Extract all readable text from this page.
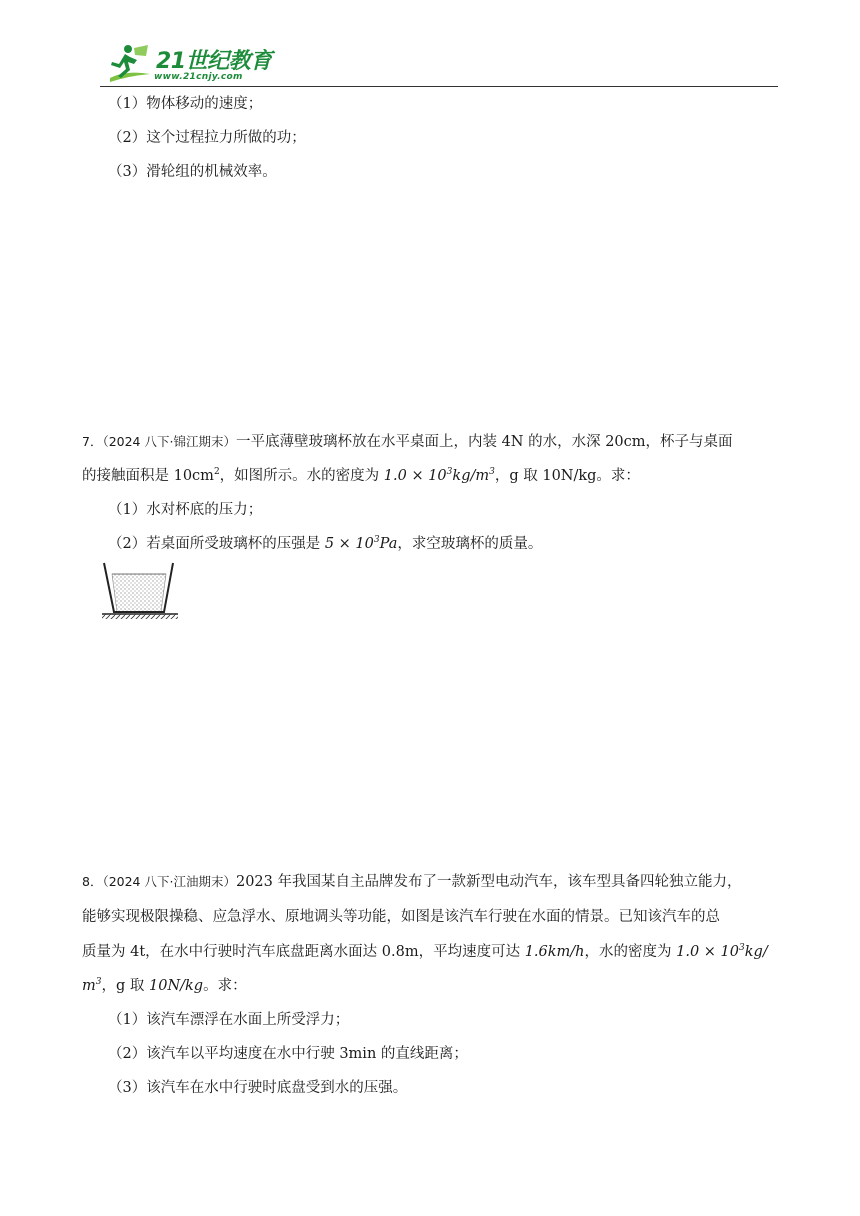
21世纪教育
www.21cnjy.com
（1）物体移动的速度；
（2）这个过程拉力所做的功；
（3）滑轮组的机械效率。
7．（2024 八下·锦江期末）一平底薄壁玻璃杯放在水平桌面上，内装 4N 的水，水深 20cm，杯子与桌面
的接触面积是 $10cm^2$，如图所示。水的密度为 $1.0 \times 10^3kg/m^3$，g 取 10N/kg。求：
（1）水对杯底的压力；
（2）若桌面所受玻璃杯的压强是 $5 \times 10^3Pa$，求空玻璃杯的质量。
8．（2024 八下·江油期末）2023 年我国某自主品牌发布了一款新型电动汽车，该车型具备四轮独立能力，
能够实现极限操稳、应急浮水、原地调头等功能，如图是该汽车行驶在水面的情景。已知该汽车的总
质量为 4t，在水中行驶时汽车底盘距离水面达 0.8m，平均速度可达 1.6km/h，水的密度为 $1.0 \times 10^3kg/$
$m^3$，g 取 10N/kg。求：
（1）该汽车漂浮在水面上所受浮力；
（2）该汽车以平均速度在水中行驶 3min 的直线距离；
（3）该汽车在水中行驶时底盘受到水的压强。
